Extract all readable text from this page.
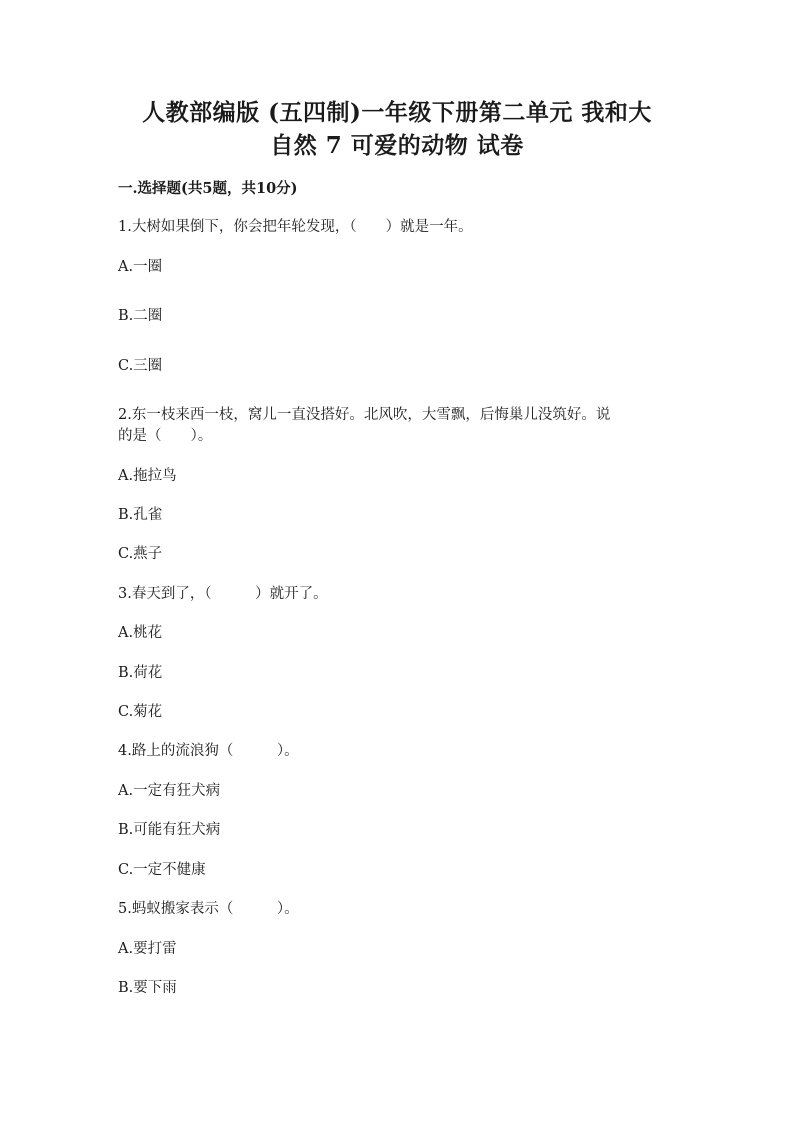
人教部编版 (五四制)一年级下册第二单元 我和大
自然 7 可爱的动物 试卷
一.选择题(共5题，共10分)
1.大树如果倒下，你会把年轮发现，（　　）就是一年。
A.一圈
B.二圈
C.三圈
2.东一枝来西一枝，窝儿一直没搭好。北风吹，大雪飘，后悔巢儿没筑好。说
的是（　　）。
A.拖拉鸟
B.孔雀
C.燕子
3.春天到了，（　　　）就开了。
A.桃花
B.荷花
C.菊花
4.路上的流浪狗（　　　）。
A.一定有狂犬病
B.可能有狂犬病
C.一定不健康
5.蚂蚁搬家表示（　　　）。
A.要打雷
B.要下雨
